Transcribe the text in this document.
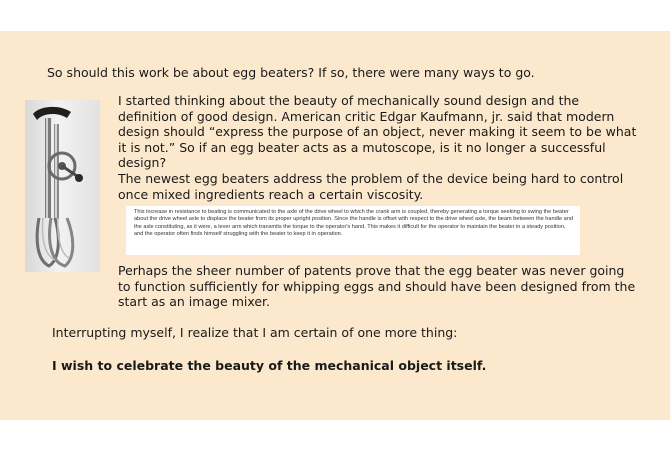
So should this work be about egg beaters? If so, there were many ways to go.
I started thinking about the beauty of mechanically sound design and the definition of good design. American critic Edgar Kaufmann, jr. said that modern design should “express the purpose of an object, never making it seem to be what it is not.” So if an egg beater acts as a mutoscope, is it no longer a successful design?
The newest egg beaters address the problem of the device being hard to control once mixed ingredients reach a certain viscosity.
This increase in resistance to beating is communicated to the axle of the drive wheel to which the crank arm is coupled, thereby generating a torque seeking to swing the beater about the drive wheel axle to displace the beater from its proper upright position. Since the handle is offset with respect to the drive wheel axle, the beam between the handle and the axle constituting, as it were, a lever arm which transmits the torque to the operator's hand. This makes it difficult for the operator to maintain the beater in a steady position, and the operator often finds himself struggling with the beater to keep it in operation.
Perhaps the sheer number of patents prove that the egg beater was never going to function sufficiently for whipping eggs and should have been designed from the start as an image mixer.
Interrupting myself, I realize that I am certain of one more thing:
I wish to celebrate the beauty of the mechanical object itself.
